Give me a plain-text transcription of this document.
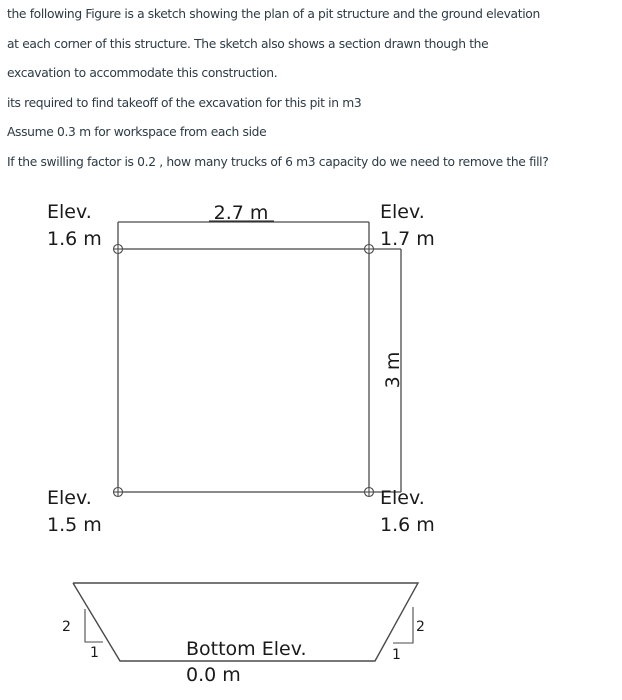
the following Figure is a sketch showing the plan of a pit structure and the ground elevation
at each corner of this structure. The sketch also shows a section drawn though the
excavation to accommodate this construction.
its required to find takeoff of the excavation for this pit in m3
Assume 0.3 m for workspace from each side
If the swilling factor is 0.2 , how many trucks of 6 m3 capacity do we need to remove the fill?
2.7 m
3 m
Elev.
1.6 m
Elev.
1.7 m
Elev.
1.5 m
Elev.
1.6 m
2
1
2
1
Bottom Elev.
0.0 m
